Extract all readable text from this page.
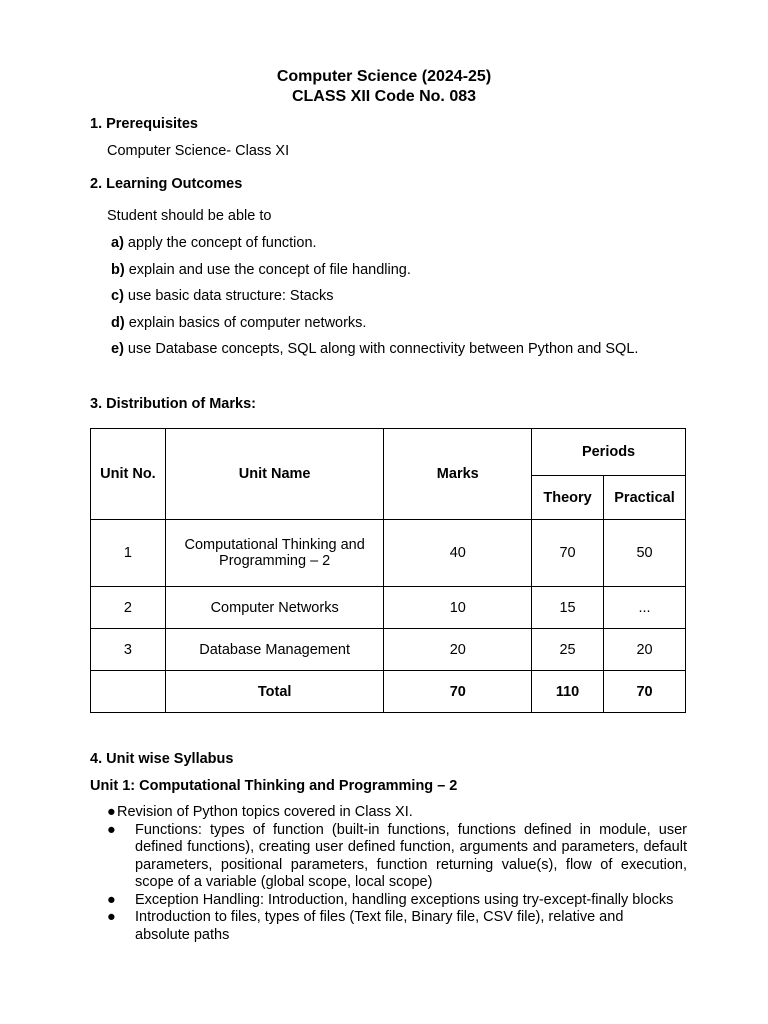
Computer Science (2024-25)
CLASS XII Code No. 083
1. Prerequisites
Computer Science- Class XI
2. Learning Outcomes
Student should be able to
a) apply the concept of function.
b) explain and use the concept of file handling.
c) use basic data structure: Stacks
d) explain basics of computer networks.
e) use Database concepts, SQL along with connectivity between Python and SQL.
3. Distribution of Marks:
Unit No.	Unit Name	Marks	Periods	
			Theory	Practical
1	Computational Thinking and Programming – 2	40	70	50
2	Computer Networks	10	15	...
3	Database Management	20	25	20
	Total	70	110	70
4. Unit wise Syllabus
Unit 1: Computational Thinking and Programming – 2
● Revision of Python topics covered in Class XI.
●	Functions: types of function (built-in functions, functions defined in module, user defined functions), creating user defined function, arguments and parameters, default parameters, positional parameters, function returning value(s), flow of execution, scope of a variable (global scope, local scope)
●	Exception Handling: Introduction, handling exceptions using try-except-finally blocks
●	Introduction to files, types of files (Text file, Binary file, CSV file), relative and absolute paths
